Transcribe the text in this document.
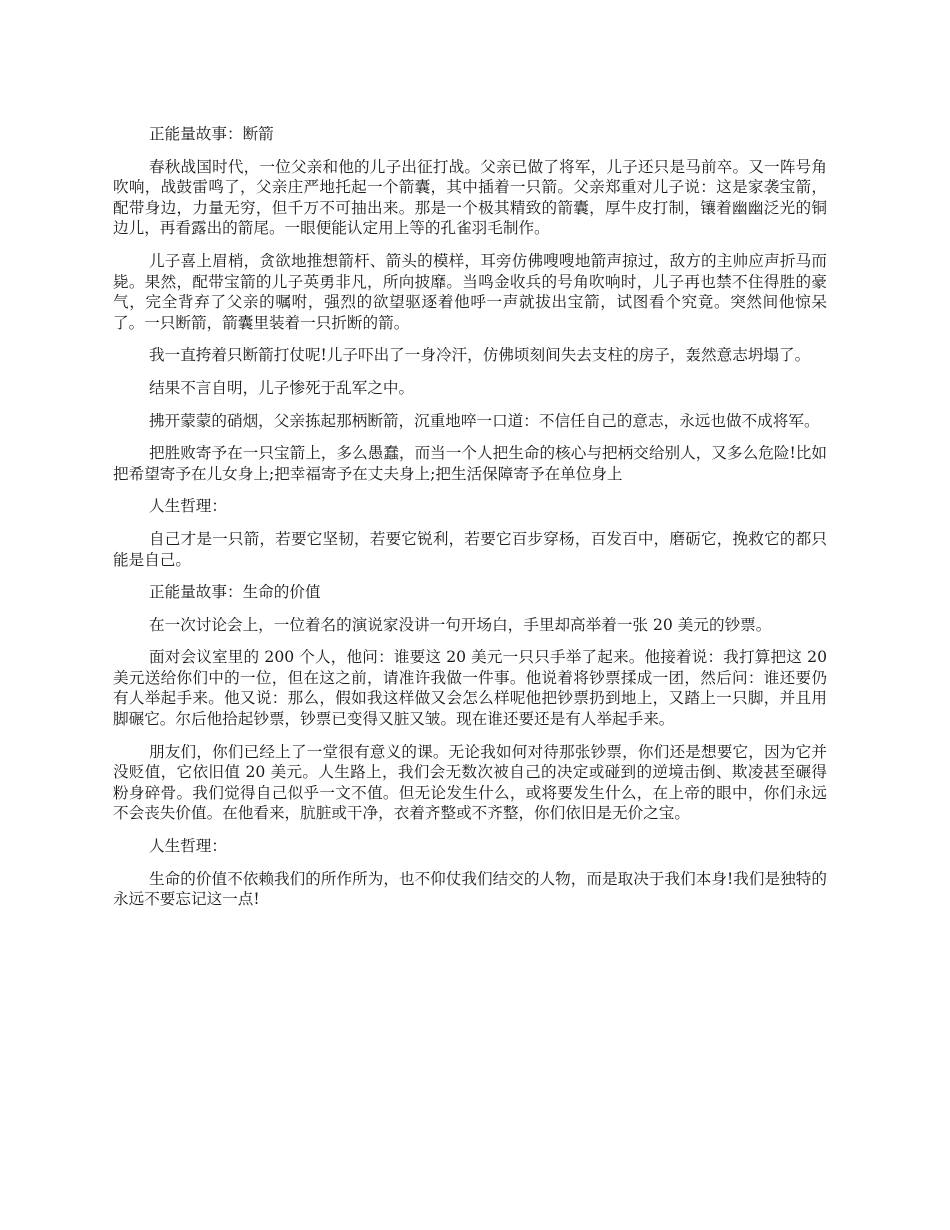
正能量故事：断箭

春秋战国时代，一位父亲和他的儿子出征打战。父亲已做了将军，儿子还只是马前卒。又一阵号角吹响，战鼓雷鸣了，父亲庄严地托起一个箭囊，其中插着一只箭。父亲郑重对儿子说：这是家袭宝箭，配带身边，力量无穷，但千万不可抽出来。那是一个极其精致的箭囊，厚牛皮打制，镶着幽幽泛光的铜边儿，再看露出的箭尾。一眼便能认定用上等的孔雀羽毛制作。

儿子喜上眉梢，贪欲地推想箭杆、箭头的模样，耳旁仿佛嗖嗖地箭声掠过，敌方的主帅应声折马而毙。果然，配带宝箭的儿子英勇非凡，所向披靡。当鸣金收兵的号角吹响时，儿子再也禁不住得胜的豪气，完全背弃了父亲的嘱咐，强烈的欲望驱逐着他呼一声就拔出宝箭，试图看个究竟。突然间他惊呆了。一只断箭，箭囊里装着一只折断的箭。

我一直挎着只断箭打仗呢!儿子吓出了一身冷汗，仿佛顷刻间失去支柱的房子，轰然意志坍塌了。

结果不言自明，儿子惨死于乱军之中。

拂开蒙蒙的硝烟，父亲拣起那柄断箭，沉重地啐一口道：不信任自己的意志，永远也做不成将军。

把胜败寄予在一只宝箭上，多么愚蠢，而当一个人把生命的核心与把柄交给别人，又多么危险!比如把希望寄予在儿女身上;把幸福寄予在丈夫身上;把生活保障寄予在单位身上

人生哲理：

自己才是一只箭，若要它坚韧，若要它锐利，若要它百步穿杨，百发百中，磨砺它，挽救它的都只能是自己。

正能量故事：生命的价值

在一次讨论会上，一位着名的演说家没讲一句开场白，手里却高举着一张 20 美元的钞票。

面对会议室里的 200 个人，他问：谁要这 20 美元一只只手举了起来。他接着说：我打算把这 20 美元送给你们中的一位，但在这之前，请准许我做一件事。他说着将钞票揉成一团，然后问：谁还要仍有人举起手来。他又说：那么，假如我这样做又会怎么样呢他把钞票扔到地上，又踏上一只脚，并且用脚碾它。尔后他拾起钞票，钞票已变得又脏又皱。现在谁还要还是有人举起手来。

朋友们，你们已经上了一堂很有意义的课。无论我如何对待那张钞票，你们还是想要它，因为它并没贬值，它依旧值 20 美元。人生路上，我们会无数次被自己的决定或碰到的逆境击倒、欺凌甚至碾得粉身碎骨。我们觉得自己似乎一文不值。但无论发生什么，或将要发生什么，在上帝的眼中，你们永远不会丧失价值。在他看来，肮脏或干净，衣着齐整或不齐整，你们依旧是无价之宝。

人生哲理：

生命的价值不依赖我们的所作所为，也不仰仗我们结交的人物，而是取决于我们本身!我们是独特的永远不要忘记这一点!
